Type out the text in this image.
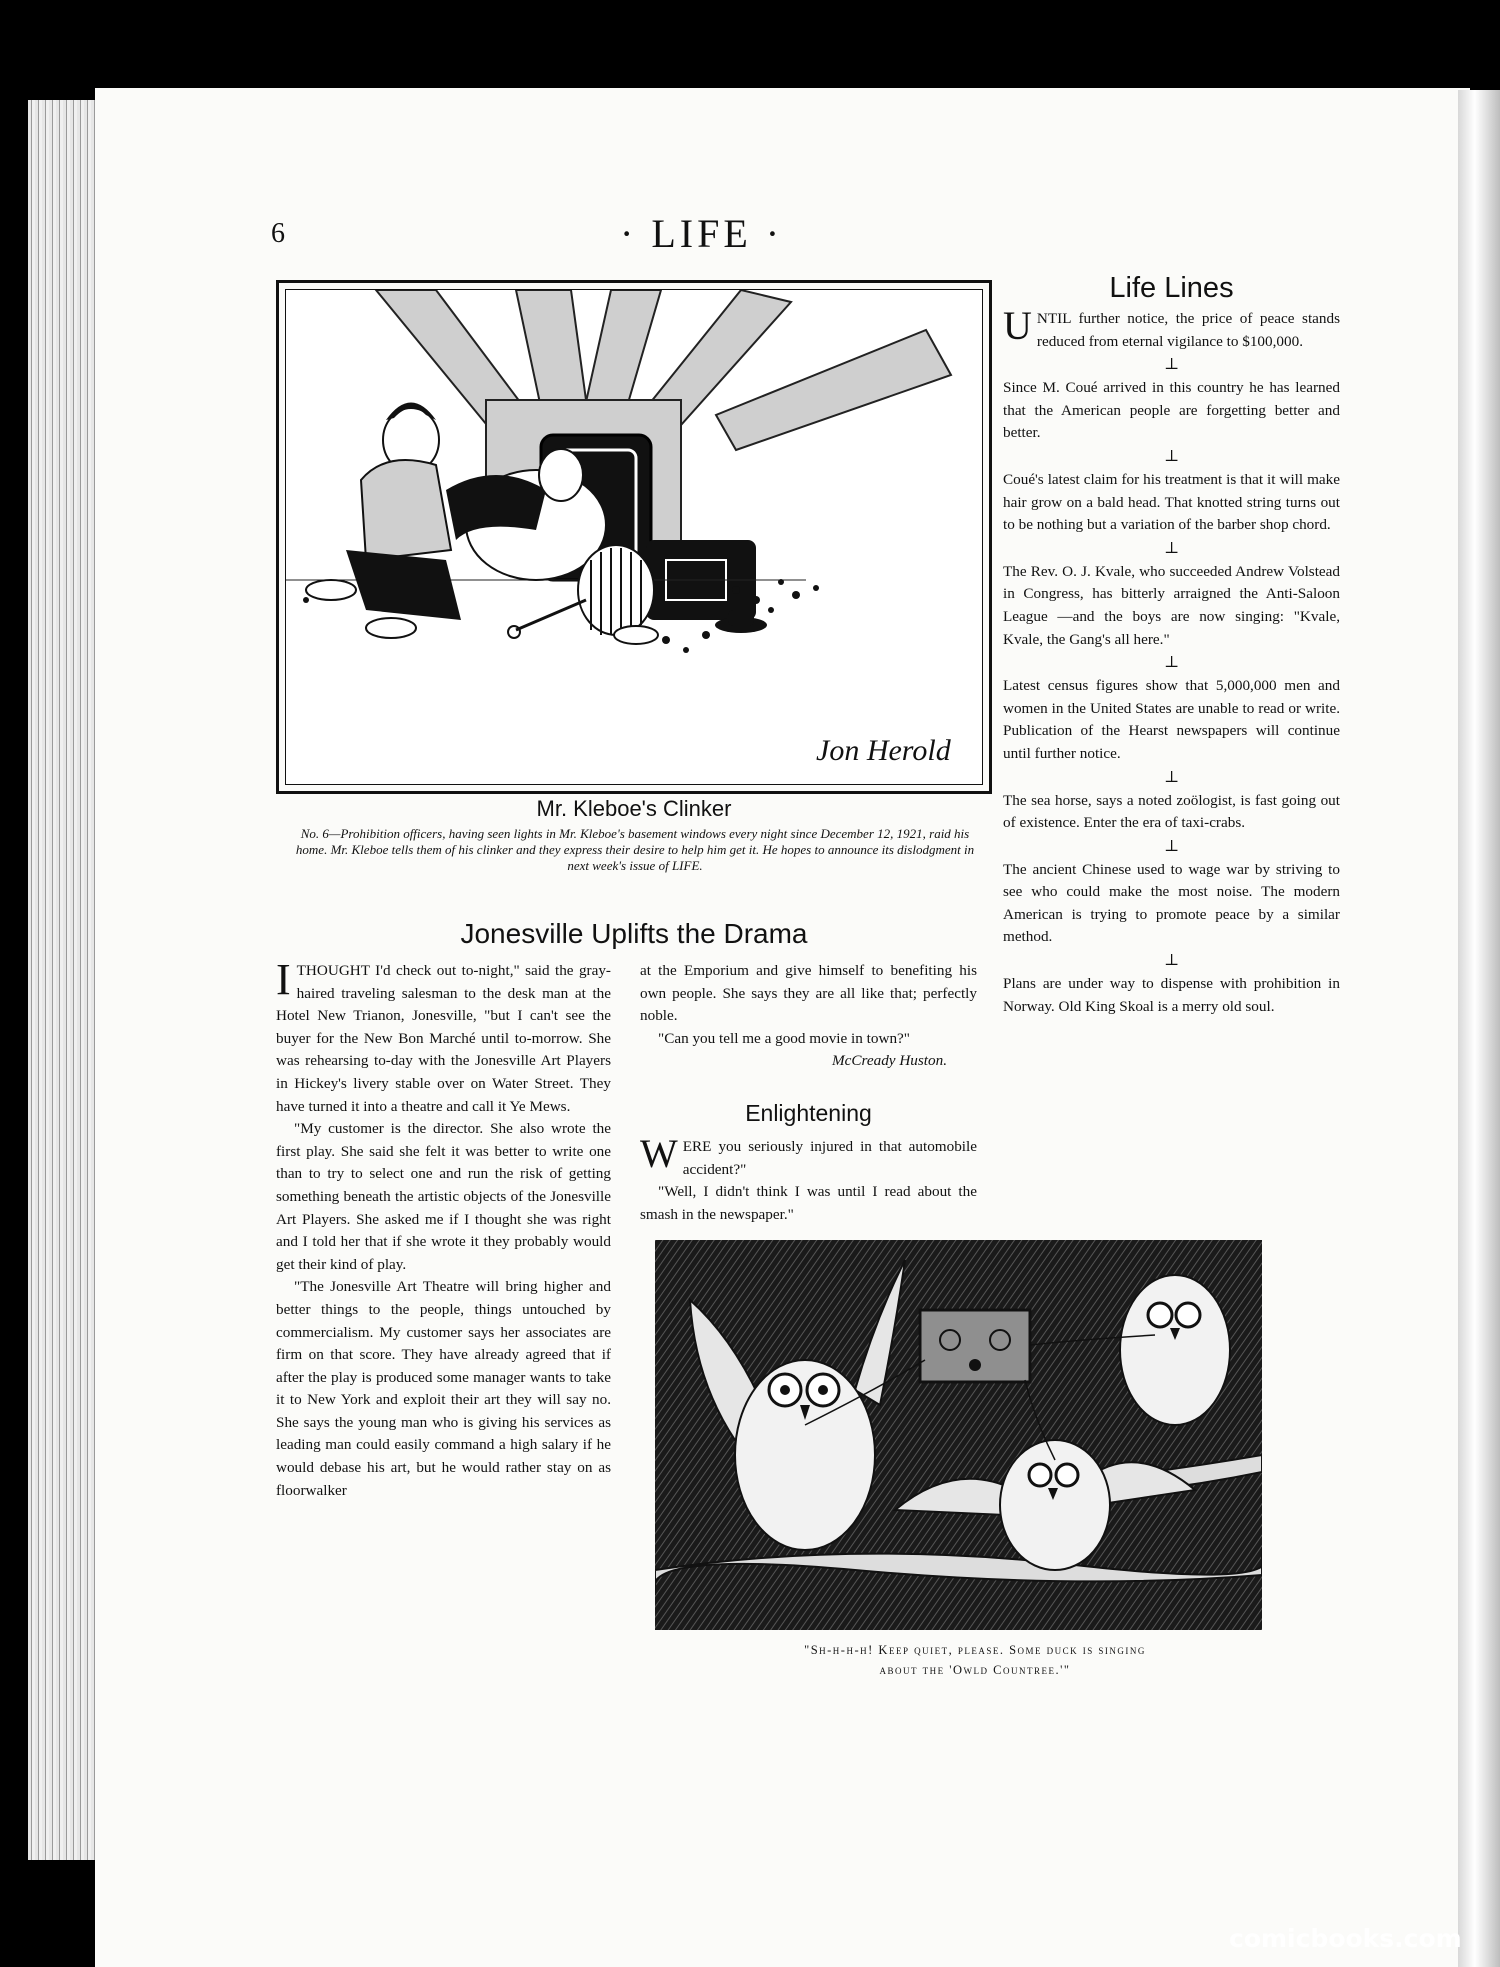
6	· LIFE ·
Jon Herold
Mr. Kleboe's Clinker
No. 6—Prohibition officers, having seen lights in Mr. Kleboe's basement windows every night since December 12, 1921, raid his home. Mr. Kleboe tells them of his clinker and they express their desire to help him get it. He hopes to announce its dislodgment in next week's issue of LIFE.
Jonesville Uplifts the Drama

ITHOUGHT I'd check out to-night," said the gray-haired traveling salesman to the desk man at the Hotel New Trianon, Jonesville, "but I can't see the buyer for the New Bon Marché until to-morrow. She was rehearsing to-day with the Jonesville Art Players in Hickey's livery stable over on Water Street. They have turned it into a theatre and call it Ye Mews.

"My customer is the director. She also wrote the first play. She said she felt it was better to write one than to try to select one and run the risk of getting something beneath the artistic objects of the Jonesville Art Players. She asked me if I thought she was right and I told her that if she wrote it they probably would get their kind of play.

"The Jonesville Art Theatre will bring higher and better things to the people, things untouched by commercialism. My customer says her associates are firm on that score. They have already agreed that if after the play is produced some manager wants to take it to New York and exploit their art they will say no. She says the young man who is giving his services as leading man could easily command a high salary if he would debase his art, but he would rather stay on as floorwalker

at the Emporium and give himself to benefiting his own people. She says they are all like that; perfectly noble.

"Can you tell me a good movie in town?"
McCready Huston.

Enlightening

WERE you seriously injured in that automobile accident?"

"Well, I didn't think I was until I read about the smash in the newspaper."

Life Lines

UNTIL further notice, the price of peace stands reduced from eternal vigilance to $100,000.

⊥

Since M. Coué arrived in this country he has learned that the American people are forgetting better and better.

⊥

Coué's latest claim for his treatment is that it will make hair grow on a bald head. That knotted string turns out to be nothing but a variation of the barber shop chord.

⊥

The Rev. O. J. Kvale, who succeeded Andrew Volstead in Congress, has bitterly arraigned the Anti-Saloon League —and the boys are now singing: "Kvale, Kvale, the Gang's all here."

⊥

Latest census figures show that 5,000,000 men and women in the United States are unable to read or write. Publication of the Hearst newspapers will continue until further notice.

⊥

The sea horse, says a noted zoölogist, is fast going out of existence. Enter the era of taxi-crabs.

⊥

The ancient Chinese used to wage war by striving to see who could make the most noise. The modern American is trying to promote peace by a similar method.

⊥

Plans are under way to dispense with prohibition in Norway. Old King Skoal is a merry old soul.

"Sh-h-h-h! Keep quiet, please. Some duck is singing
about the 'Owld Countree.'"
comicbooks.com
